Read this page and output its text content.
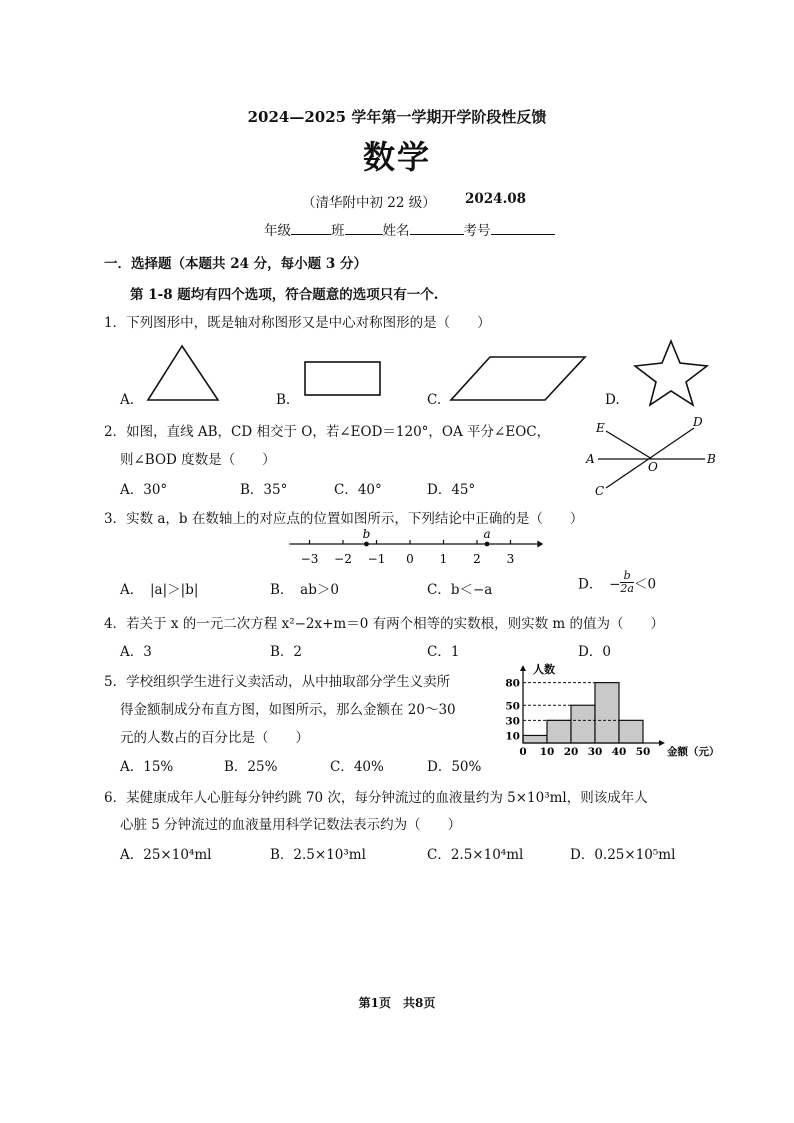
2024—2025 学年第一学期开学阶段性反馈
数学
（清华附中初 22 级） 2024.08
年级	班	姓名	考号
一．选择题（本题共 24 分，每小题 3 分）
第 1-8 题均有四个选项，符合题意的选项只有一个.
1．下列图形中，既是轴对称图形又是中心对称图形的是（　　）
A.	B.	C.	D.
2．如图，直线 AB，CD 相交于 O，若∠EOD＝120°，OA 平分∠EOC，
则∠BOD 度数是（　　）
A．30°	B．35°	C．40°	D．45°
E	D
A
O
B
C
3．实数 a，b 在数轴上的对应点的位置如图所示，下列结论中正确的是（　　）
−3 −2 −1 0 1 2 3
b	a
A．　|a|＞|b|	B．　ab＞0	C．b＜−a	D．　− $\frac{b}{2a} <0$
4．若关于 x 的一元二次方程 x²−2x+m＝0 有两个相等的实数根，则实数 m 的值为（　　）
A．3	B．2	C．1	D．0
5．学校组织学生进行义卖活动，从中抽取部分学生义卖所
得金额制成分布直方图，如图所示，那么金额在 20～30
元的人数占的百分比是（　　）
A．15%	B．25%	C．40%	D．50%
10
30
50
80
0 10 20 30 40 50
人数
金额（元）
6．某健康成年人心脏每分钟约跳 70 次，每分钟流过的血液量约为 5×10³ml，则该成年人
心脏 5 分钟流过的血液量用科学记数法表示约为（　　）
A．25×10⁴ml	B．2.5×10³ml	C．2.5×10⁴ml	D．0.25×10⁵ml
第1页　共8页
